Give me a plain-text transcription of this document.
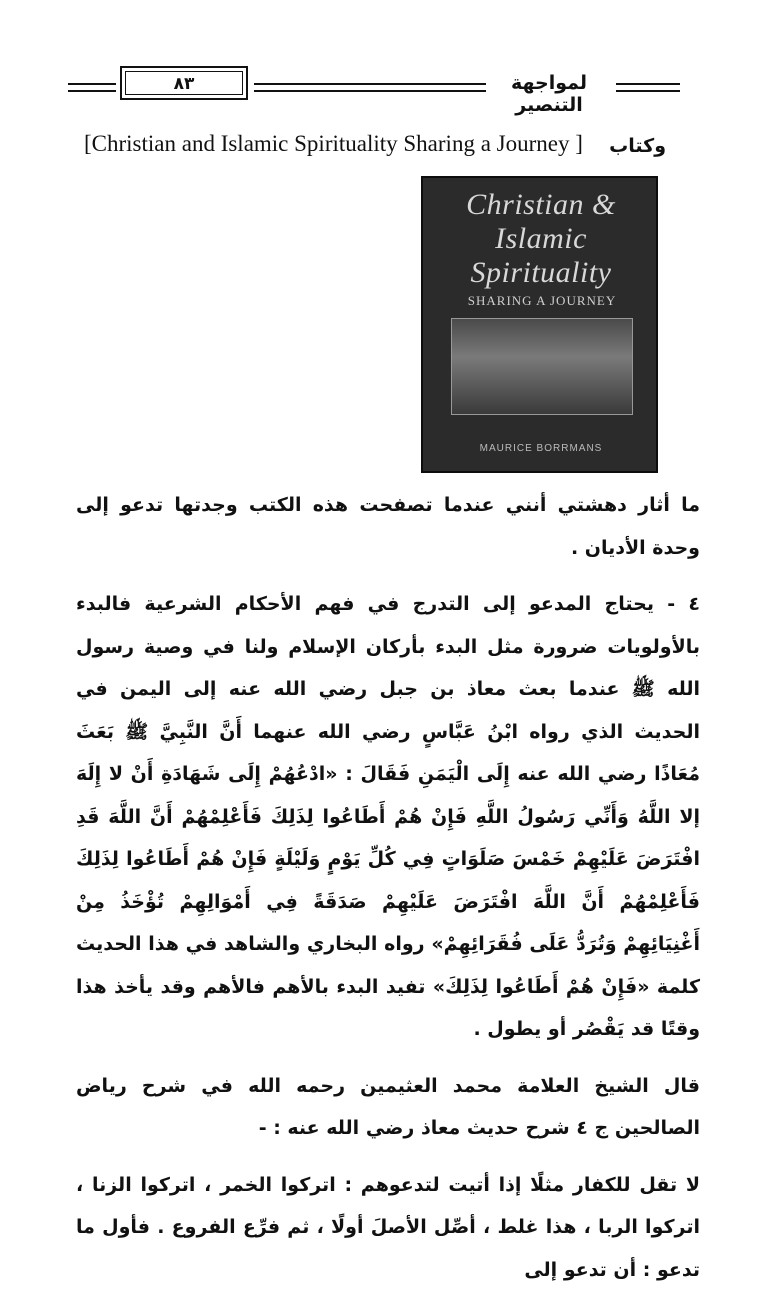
٨٣	لمواجهة التنصير
[Christian and Islamic Spirituality Sharing a Journey ] وكتاب
Christian & Islamic
Spirituality
SHARING A JOURNEY
MAURICE BORRMANS

ما أثار دهشتي أنني عندما تصفحت هذه الكتب وجدتها تدعو إلى وحدة الأديان .

٤ - يحتاج المدعو إلى التدرج في فهم الأحكام الشرعية فالبدء بالأولويات ضرورة مثل البدء بأركان الإسلام ولنا في وصية رسول الله ﷺ عندما بعث معاذ بن جبل رضي الله عنه إلى اليمن في الحديث الذي رواه ابْنُ عَبَّاسٍ رضي الله عنهما أَنَّ النَّبِيَّ ﷺ بَعَثَ مُعَاذًا رضي الله عنه إِلَى الْيَمَنِ فَقَالَ : «ادْعُهُمْ إِلَى شَهَادَةِ أَنْ لا إِلَهَ إلا اللَّهُ وَأَنِّي رَسُولُ اللَّهِ فَإِنْ هُمْ أَطَاعُوا لِذَلِكَ فَأَعْلِمْهُمْ أَنَّ اللَّهَ قَدِ افْتَرَضَ عَلَيْهِمْ خَمْسَ صَلَوَاتٍ فِي كُلِّ يَوْمٍ وَلَيْلَةٍ فَإِنْ هُمْ أَطَاعُوا لِذَلِكَ فَأَعْلِمْهُمْ أَنَّ اللَّهَ افْتَرَضَ عَلَيْهِمْ صَدَقَةً فِي أَمْوَالِهِمْ تُؤْخَذُ مِنْ أَغْنِيَائِهِمْ وَتُرَدُّ عَلَى فُقَرَائِهِمْ» رواه البخاري والشاهد في هذا الحديث كلمة «فَإِنْ هُمْ أَطَاعُوا لِذَلِكَ» تفيد البدء بالأهم فالأهم وقد يأخذ هذا وقتًا قد يَقْصُر أو يطول .

قال الشيخ العلامة محمد العثيمين رحمه الله في شرح رياض الصالحين ج ٤ شرح حديث معاذ رضي الله عنه : -

لا تقل للكفار مثلًا إذا أتيت لتدعوهم : اتركوا الخمر ، اتركوا الزنا ، اتركوا الربا ، هذا غلط ، أصِّل الأصلَ أولًا ، ثم فرِّع الفروع . فأول ما تدعو : أن تدعو إلى
